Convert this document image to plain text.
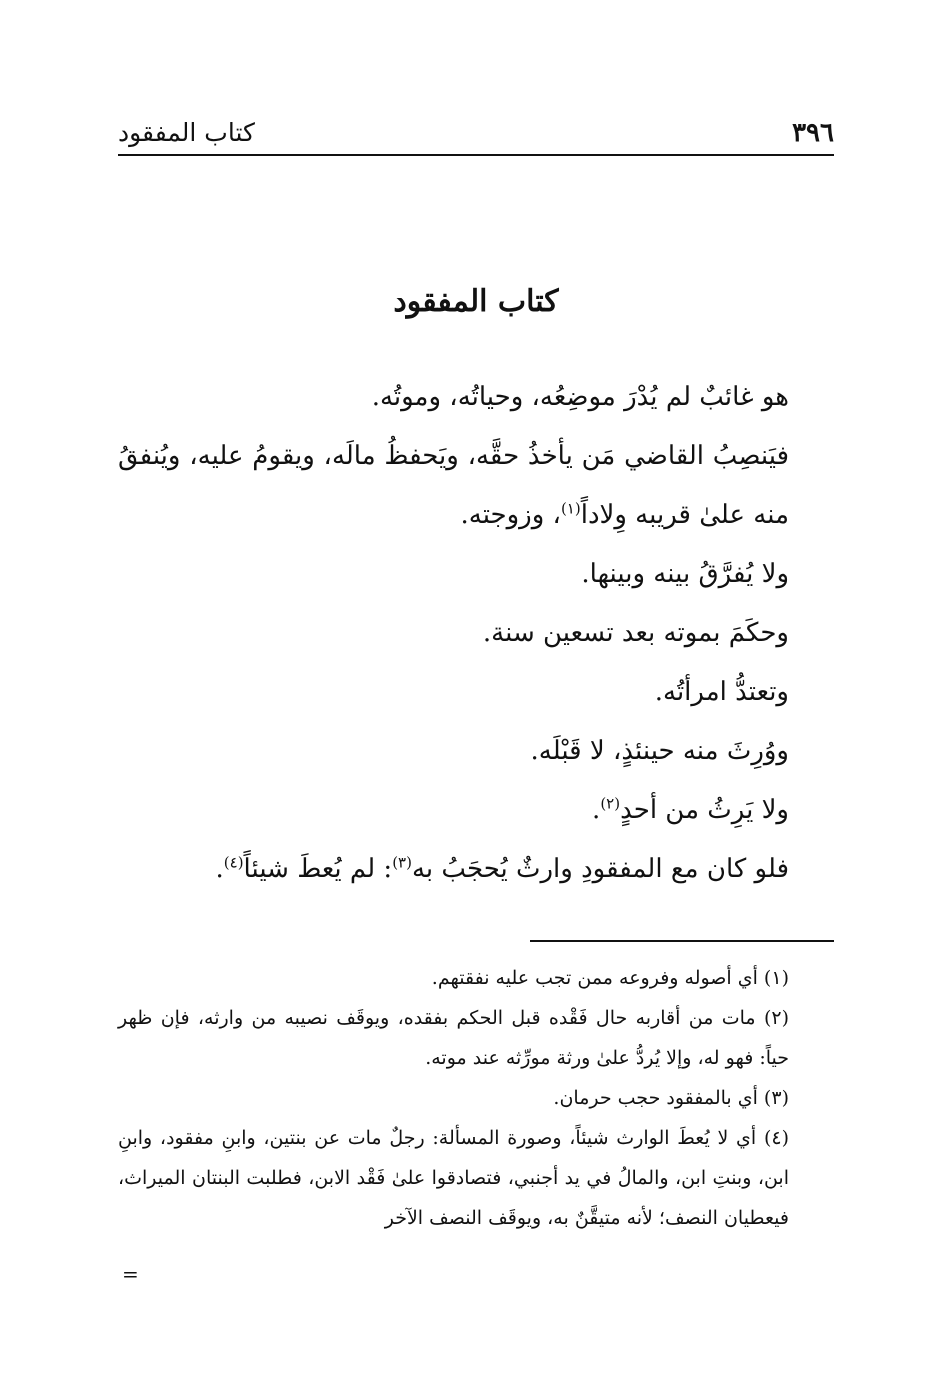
٣٩٦
كتاب المفقود
كتاب المفقود

هو غائبٌ لم يُدْرَ موضِعُه، وحياتُه، وموتُه.

فيَنصِبُ القاضي مَن يأخذُ حقَّه، ويَحفظُ مالَه، ويقومُ عليه، ويُنفقُ منه علىٰ قريبه وِلاداً$^{(١)}$، وزوجته.

ولا يُفرَّقُ بينه وبينها.

وحكَمَ بموته بعد تسعين سنة.

وتعتدُّ امرأتُه.

ووُرِثَ منه حينئذٍ، لا قَبْلَه.

ولا يَرِثُ من أحدٍ$^{(٢)}$.

فلو كان مع المفقودِ وارثٌ يُحجَبُ به$^{(٣)}$: لم يُعطَ شيئاً$^{(٤)}$.

(١) أي أصوله وفروعه ممن تجب عليه نفقتهم.

(٢) مات من أقاربه حال فَقْده قبل الحكم بفقده، ويوقَف نصيبه من وارثه، فإن ظهر حياً: فهو له، وإلا يُردُّ علىٰ ورثة مورِّثه عند موته.

(٣) أي بالمفقود حجب حرمان.

(٤) أي لا يُعطَ الوارث شيئاً، وصورة المسألة: رجلٌ مات عن بنتين، وابنِ مفقود، وابنِ ابن، وبنتِ ابن، والمالُ في يد أجنبي، فتصادقوا علىٰ فَقْد الابن، فطلبت البنتان الميراث، فيعطيان النصف؛ لأنه متيقَّنٌ به، ويوقَف النصف الآخر

=
